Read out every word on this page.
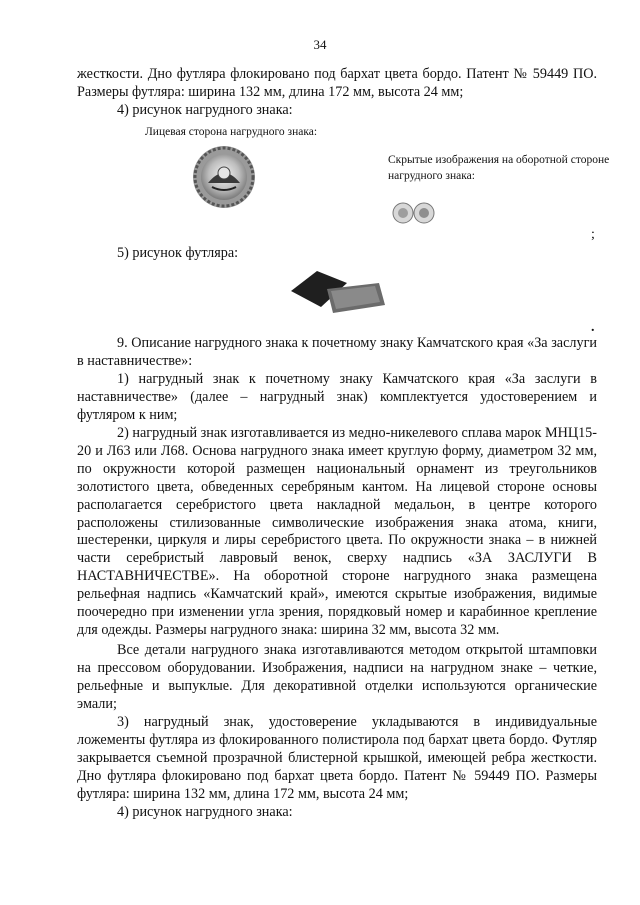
34

жесткости. Дно футляра флокировано под бархат цвета бордо. Патент № 59449 ПО. Размеры футляра: ширина 132 мм, длина 172 мм, высота 24 мм;

4) рисунок нагрудного знака:

Лицевая сторона нагрудного знака:
Скрытые изображения на оборотной стороне нагрудного знака:
;

5) рисунок футляра:

.

9. Описание нагрудного знака к почетному знаку Камчатского края «За заслуги в наставничестве»:

1) нагрудный знак к почетному знаку Камчатского края «За заслуги в наставничестве» (далее – нагрудный знак) комплектуется удостоверением и футляром к ним;

2) нагрудный знак изготавливается из медно-никелевого сплава марок МНЦ15-20 и Л63 или Л68. Основа нагрудного знака имеет круглую форму, диаметром 32 мм, по окружности которой размещен национальный орнамент из треугольников золотистого цвета, обведенных серебряным кантом. На лицевой стороне основы располагается серебристого цвета накладной медальон, в центре которого расположены стилизованные символические изображения знака атома, книги, шестеренки, циркуля и лиры серебристого цвета. По окружности знака – в нижней части серебристый лавровый венок, сверху надпись «ЗА ЗАСЛУГИ В НАСТАВНИЧЕСТВЕ». На оборотной стороне нагрудного знака размещена рельефная надпись «Камчатский край», имеются скрытые изображения, видимые поочередно при изменении угла зрения, порядковый номер и карабинное крепление для одежды. Размеры нагрудного знака: ширина 32 мм, высота 32 мм.

Все детали нагрудного знака изготавливаются методом открытой штамповки на прессовом оборудовании. Изображения, надписи на нагрудном знаке – четкие, рельефные и выпуклые. Для декоративной отделки используются органические эмали;

3) нагрудный знак, удостоверение укладываются в индивидуальные ложементы футляра из флокированного полистирола под бархат цвета бордо. Футляр закрывается съемной прозрачной блистерной крышкой, имеющей ребра жесткости. Дно футляра флокировано под бархат цвета бордо. Патент № 59449 ПО. Размеры футляра: ширина 132 мм, длина 172 мм, высота 24 мм;

4) рисунок нагрудного знака:
